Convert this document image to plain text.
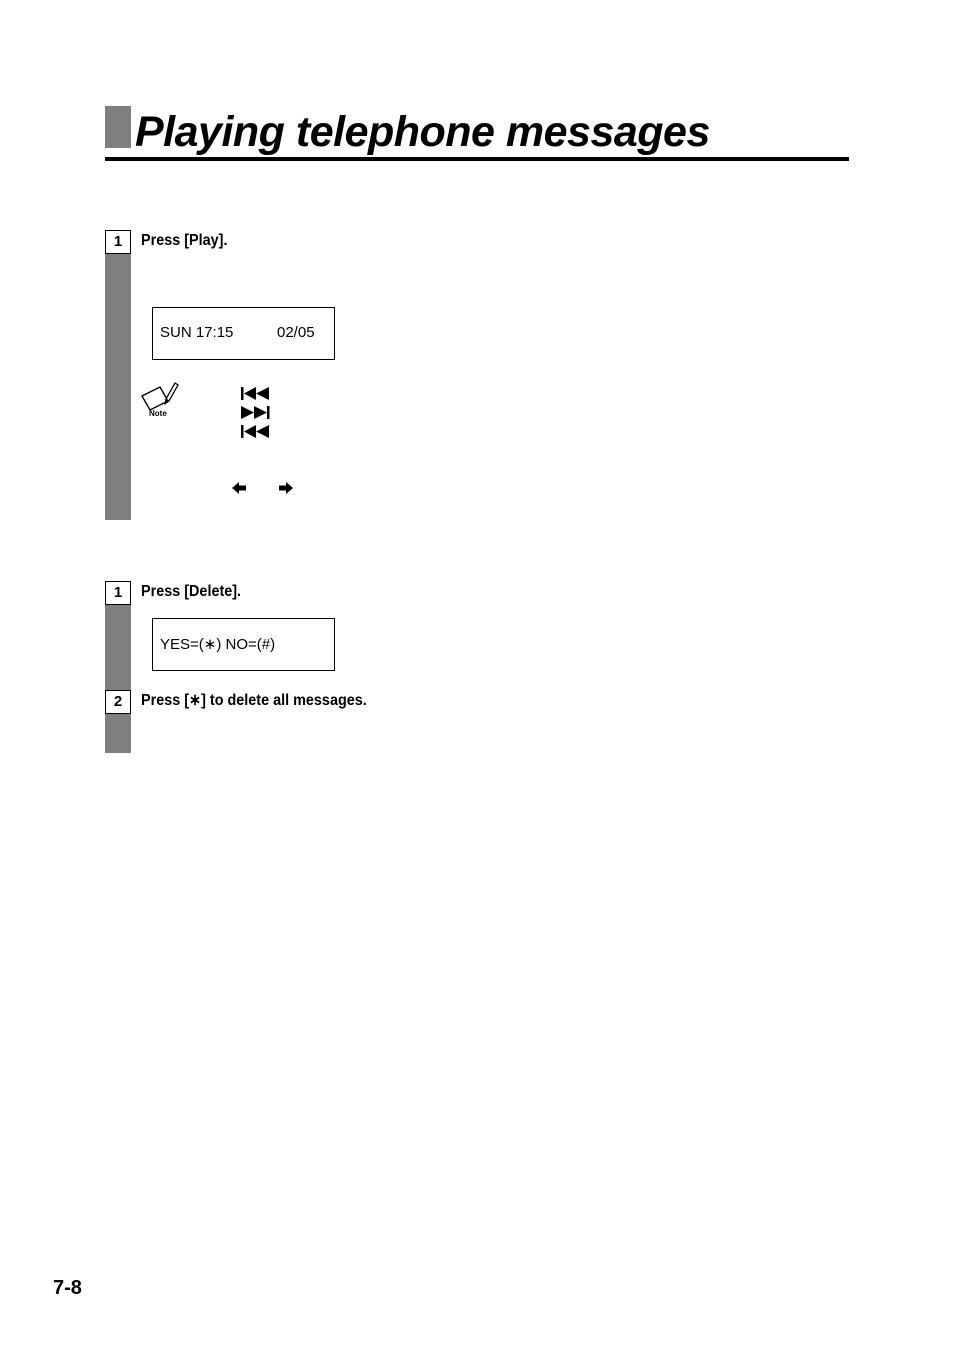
Playing telephone messages
1	Press [Play].
SUN 17:15	02/05
Note
1	Press [Delete].
YES=(∗) NO=(#)
2	Press [∗] to delete all messages.
7-8
